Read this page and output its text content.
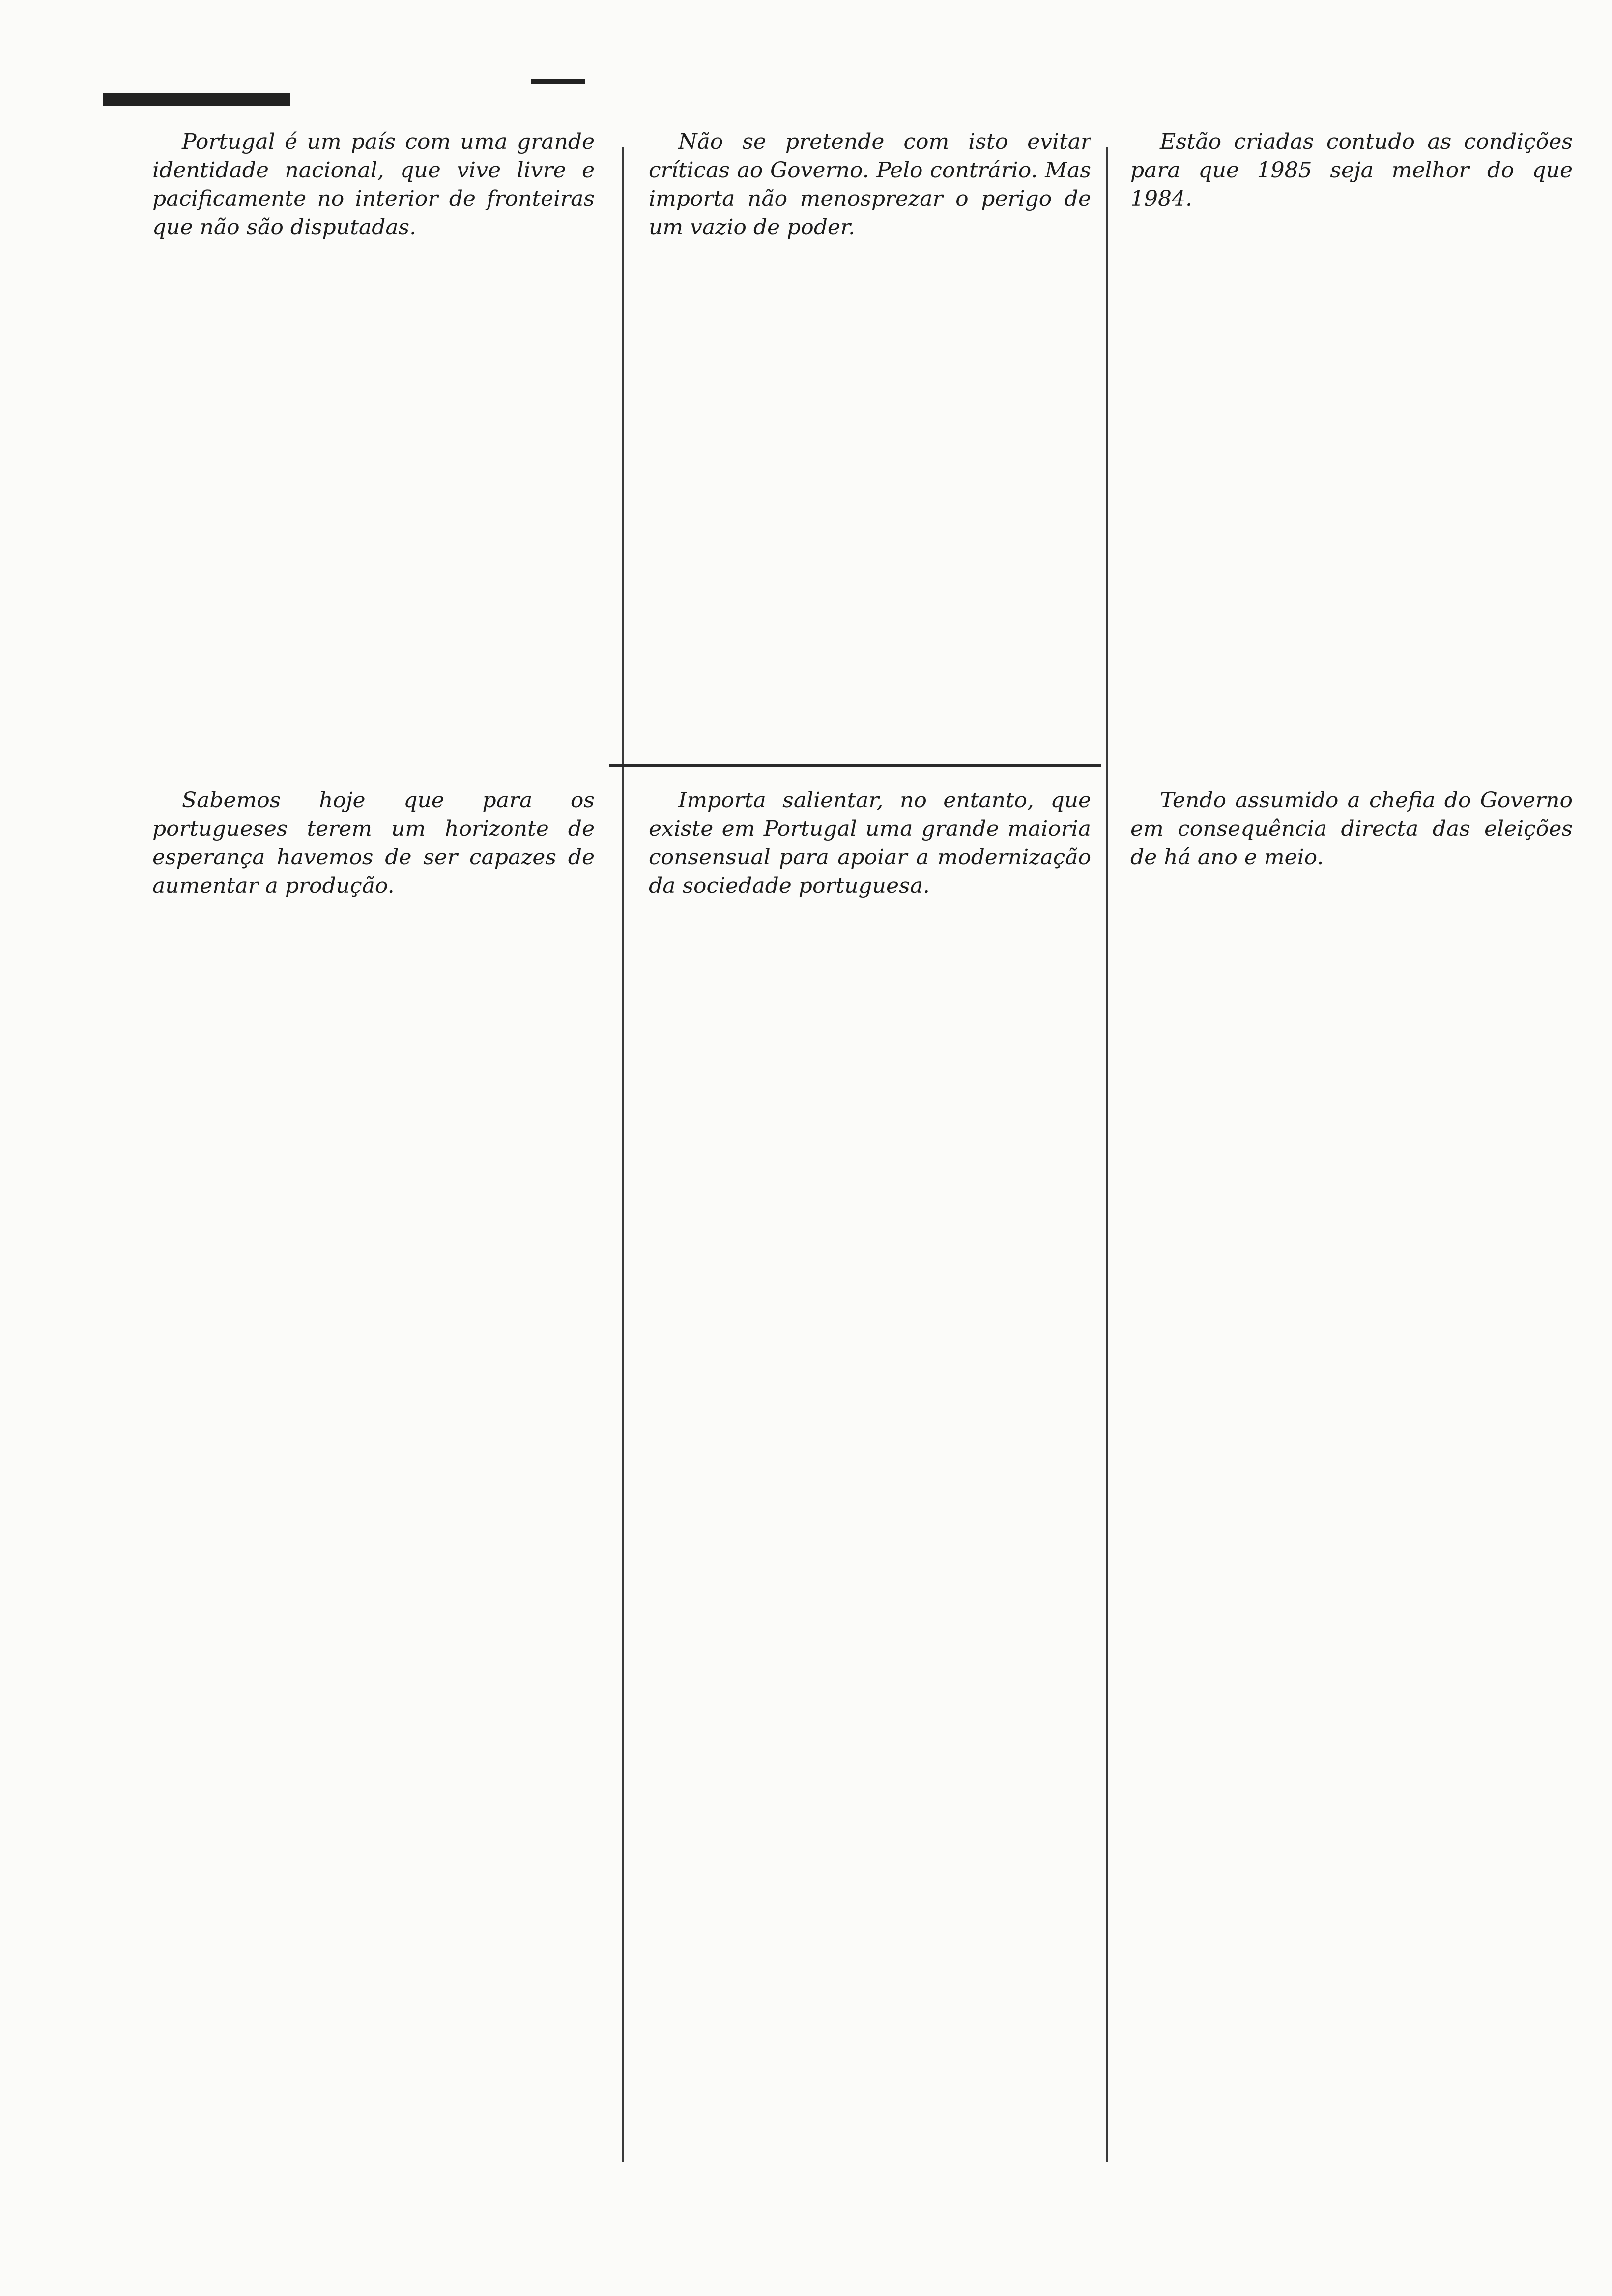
Portugal é um país com uma grande identidade nacional, que vive livre e pacificamente no interior de fronteiras que não são disputadas.

Não se pretende com isto evitar críticas ao Governo. Pelo contrário. Mas importa não menosprezar o perigo de um vazio de poder.

Estão criadas contudo as condições para que 1985 seja melhor do que 1984.

Sabemos hoje que para os portugueses terem um horizonte de esperança havemos de ser capazes de aumentar a produção.

Importa salientar, no entanto, que existe em Portugal uma grande maioria consensual para apoiar a modernização da sociedade portuguesa.

Tendo assumido a chefia do Governo em consequência directa das eleições de há ano e meio.
